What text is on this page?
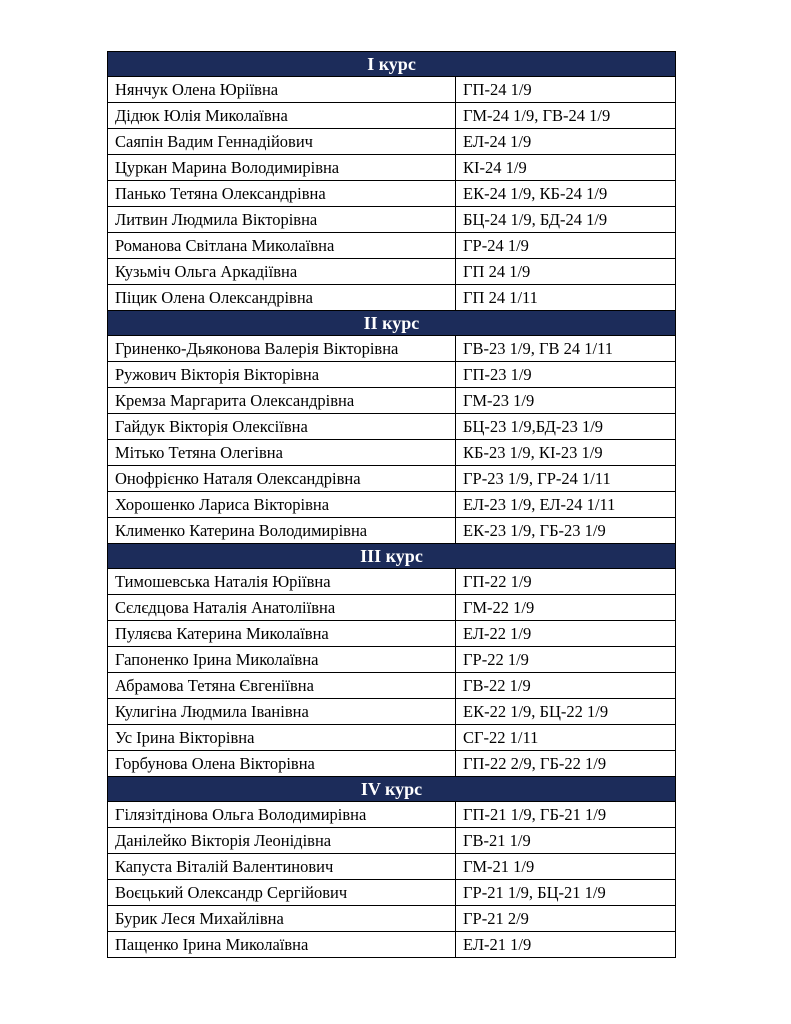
I курс	
Нянчук Олена Юріївна	ГП-24 1/9
Дідюк Юлія Миколаївна	ГМ-24 1/9, ГВ-24 1/9
Саяпін Вадим Геннадійович	ЕЛ-24 1/9
Цуркан Марина Володимирівна	КІ-24 1/9
Панько Тетяна Олександрівна	ЕК-24 1/9, КБ-24 1/9
Литвин Людмила Вікторівна	БЦ-24 1/9, БД-24 1/9
Романова Світлана Миколаївна	ГР-24 1/9
Кузьміч Ольга Аркадіївна	ГП 24 1/9
Піцик Олена Олександрівна	ГП 24 1/11
ІІ курс	
Гриненко-Дьяконова Валерія Вікторівна	ГВ-23 1/9, ГВ 24 1/11
Ружович Вікторія Вікторівна	ГП-23 1/9
Кремза Маргарита Олександрівна	ГМ-23 1/9
Гайдук Вікторія Олексіївна	БЦ-23 1/9,БД-23 1/9
Мітько Тетяна Олегівна	КБ-23 1/9, КІ-23 1/9
Онофрієнко Наталя Олександрівна	ГР-23 1/9, ГР-24 1/11
Хорошенко Лариса Вікторівна	ЕЛ-23 1/9, ЕЛ-24 1/11
Клименко Катерина Володимирівна	ЕК-23 1/9, ГБ-23 1/9
ІІІ курс	
Тимошевська Наталія Юріївна	ГП-22 1/9
Сєлєдцова Наталія Анатоліївна	ГМ-22 1/9
Пуляєва Катерина Миколаївна	ЕЛ-22 1/9
Гапоненко Ірина Миколаївна	ГР-22 1/9
Абрамова Тетяна Євгеніївна	ГВ-22 1/9
Кулигіна Людмила Іванівна	ЕК-22 1/9, БЦ-22 1/9
Ус Ірина Вікторівна	СГ-22 1/11
Горбунова Олена Вікторівна	ГП-22 2/9, ГБ-22 1/9
IV курс	
Гілязітдінова Ольга Володимирівна	ГП-21 1/9, ГБ-21 1/9
Данілейко Вікторія Леонідівна	ГВ-21 1/9
Капуста Віталій Валентинович	ГМ-21 1/9
Воєцький Олександр Сергійович	ГР-21 1/9, БЦ-21 1/9
Бурик Леся Михайлівна	ГР-21 2/9
Пащенко Ірина Миколаївна	ЕЛ-21 1/9
